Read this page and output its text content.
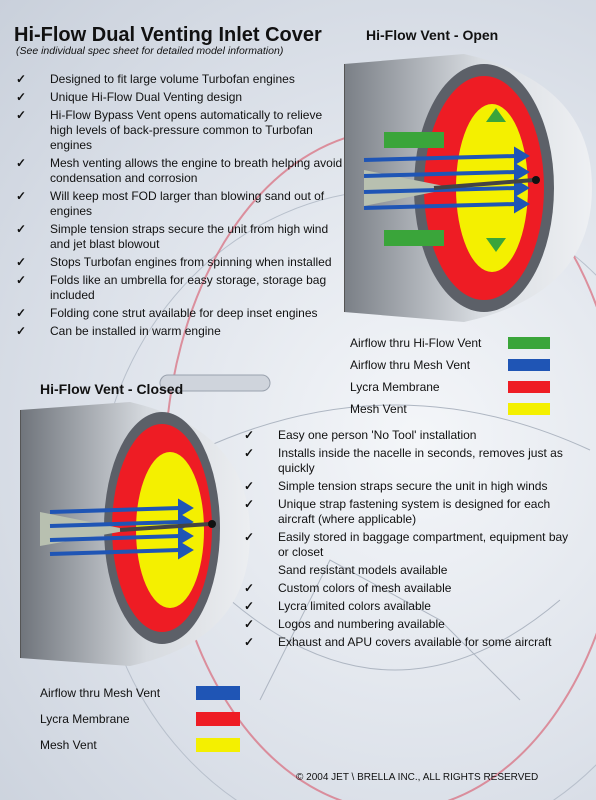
Hi-Flow Dual Venting Inlet Cover
(See individual spec sheet for detailed model information)
Hi-Flow Vent - Open
✓ Designed to fit large volume Turbofan engines
✓ Unique Hi-Flow Dual Venting design
✓ Hi-Flow Bypass Vent opens automatically to relieve high levels of back-pressure common to Turbofan engines
✓ Mesh venting allows the engine to breath helping avoid condensation and corrosion
✓ Will keep most FOD larger than blowing sand out of engines
✓ Simple tension straps secure the unit from high wind and jet blast blowout
✓ Stops Turbofan engines from spinning when installed
✓ Folds like an umbrella for easy storage, storage bag included
✓ Folding cone strut available for deep inset engines
✓ Can be installed in warm engine
Airflow thru Hi-Flow Vent
Airflow thru Mesh Vent
Lycra Membrane
Mesh Vent
Hi-Flow Vent - Closed
✓ Easy one person 'No Tool' installation
✓ Installs inside the nacelle in seconds, removes just as quickly
✓ Simple tension straps secure the unit in high winds
✓ Unique strap fastening system is designed for each aircraft (where applicable)
✓ Easily stored in baggage compartment, equipment bay or closet
Sand resistant models available
✓ Custom colors of mesh available
✓ Lycra limited colors available
✓ Logos and numbering available
✓ Exhaust and APU covers available for some aircraft
Airflow thru Mesh Vent
Lycra Membrane
Mesh Vent
© 2004 JET \ BRELLA INC., ALL RIGHTS RESERVED
